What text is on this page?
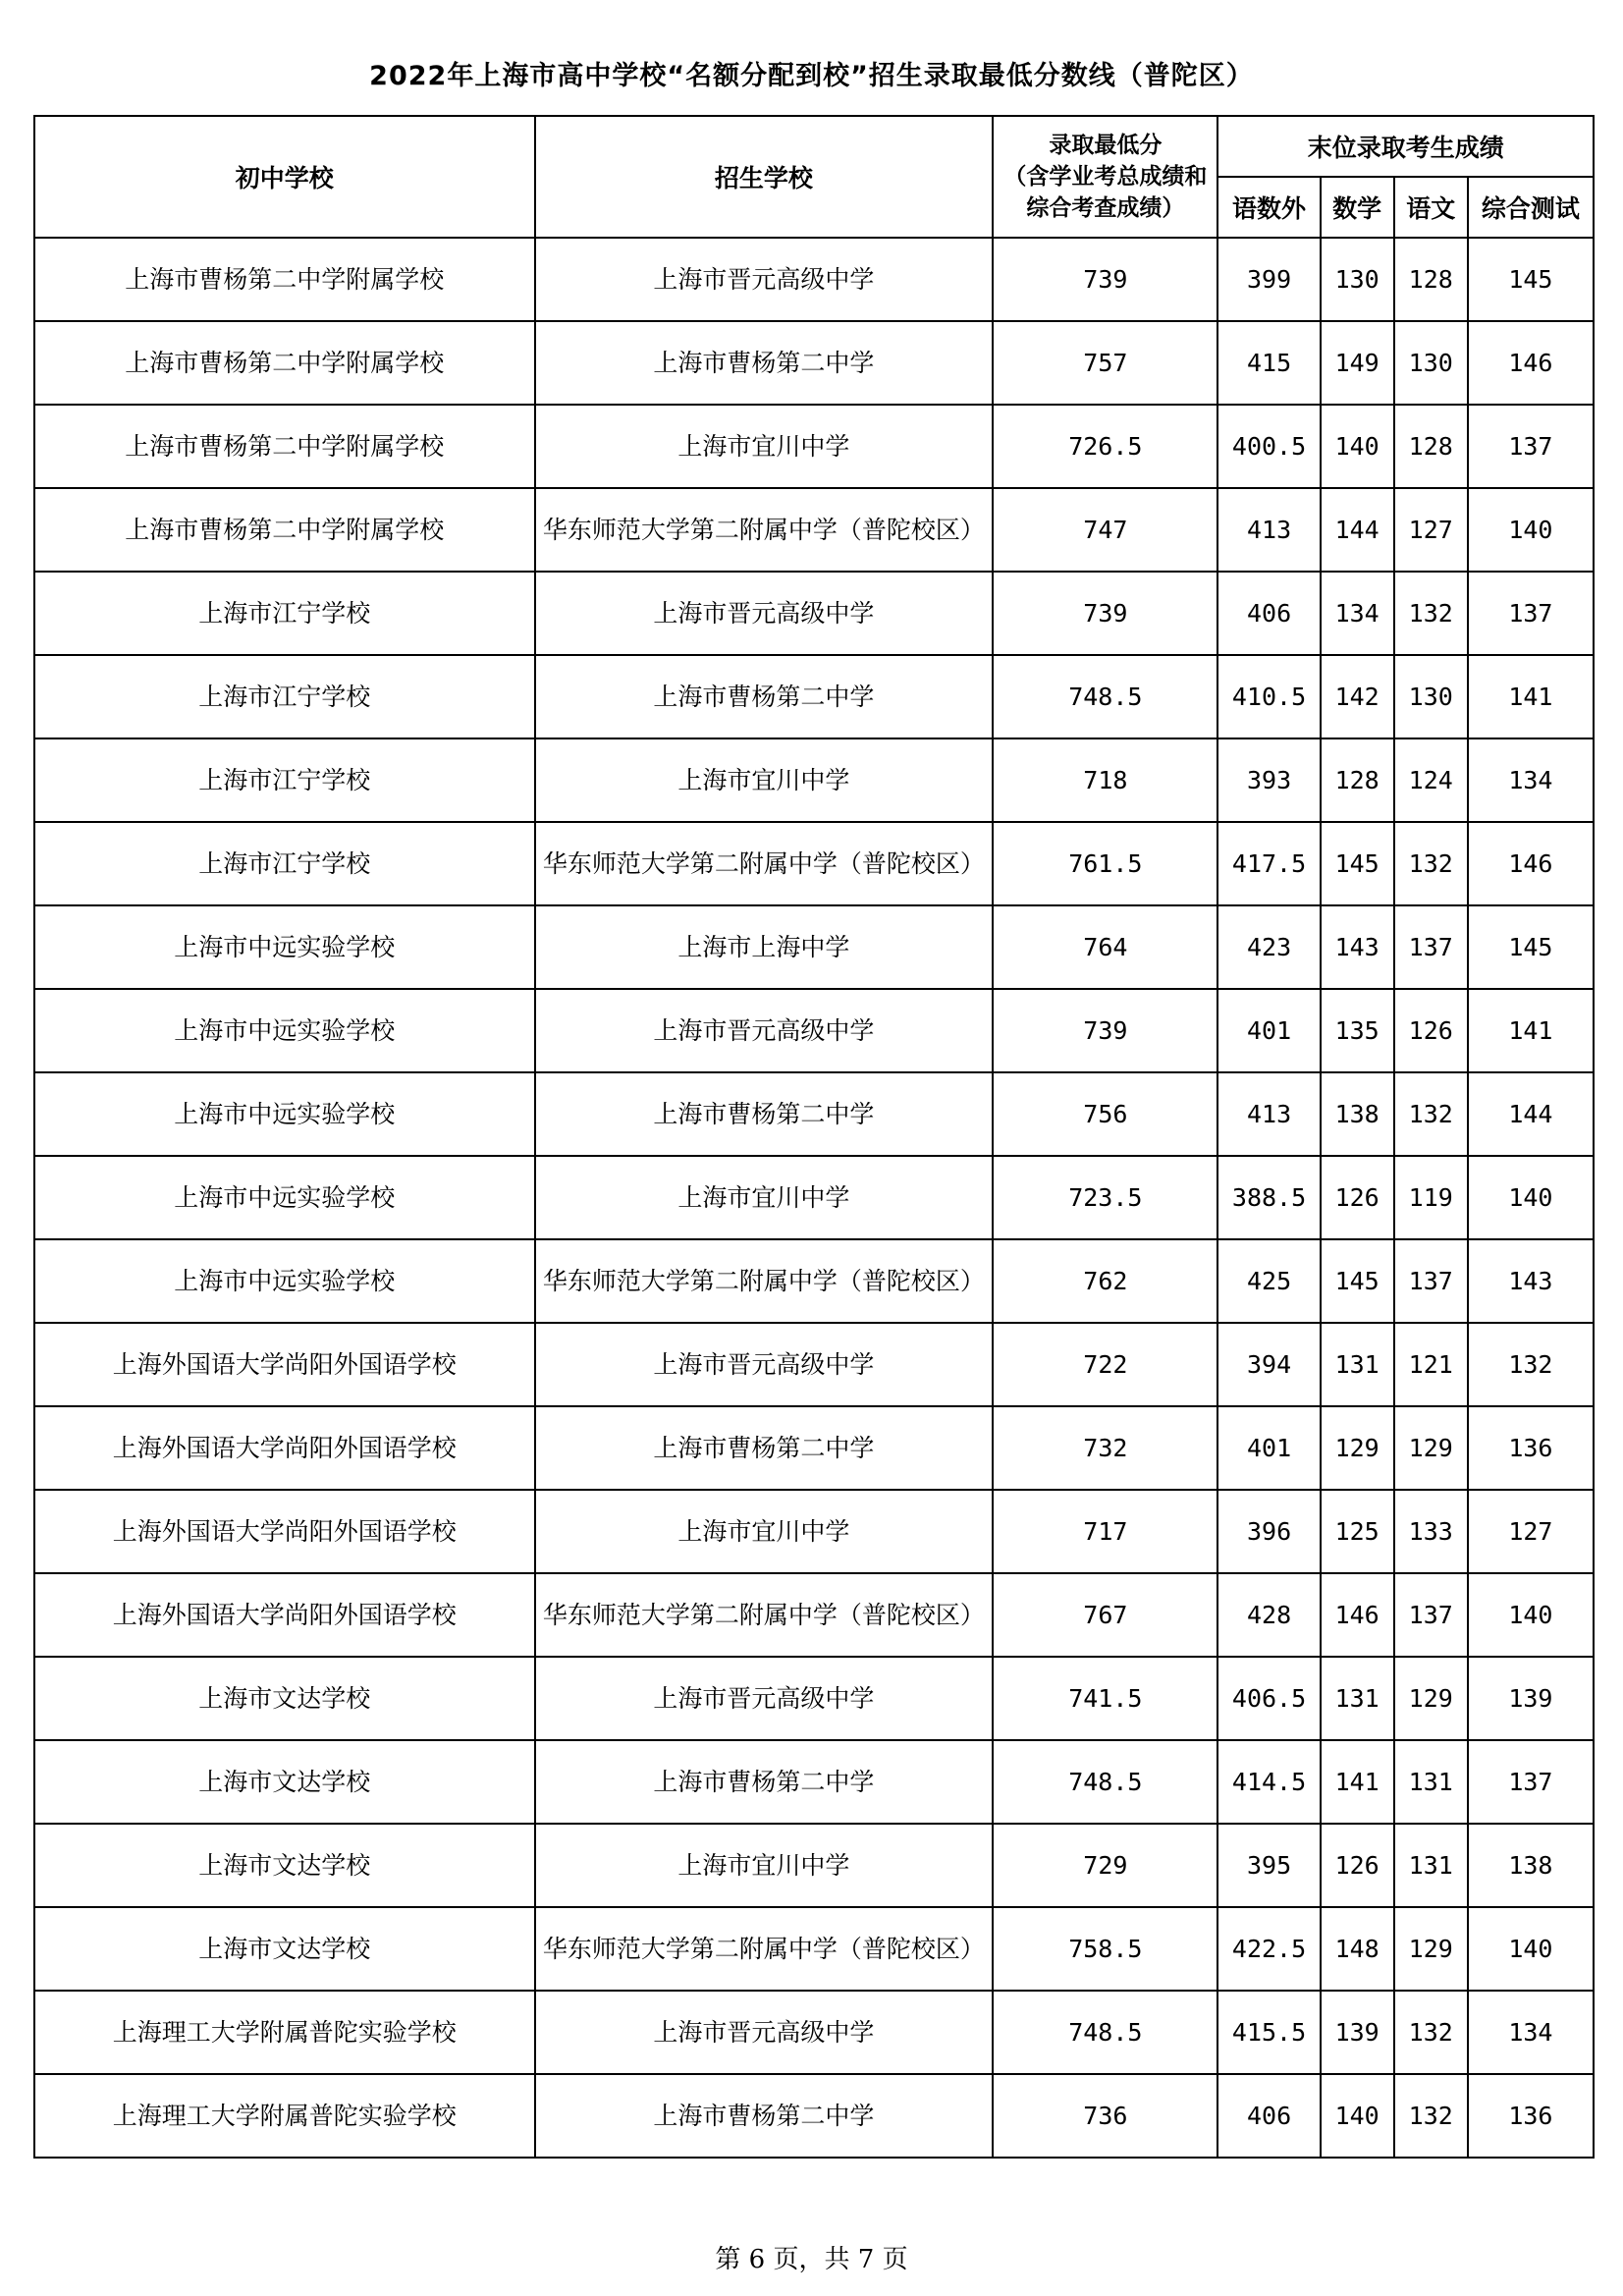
2022年上海市高中学校“名额分配到校”招生录取最低分数线（普陀区）
初中学校	招生学校	录取最低分
（含学业考总成绩和综合考查成绩）	末位录取考生成绩			
			语数外	数学	语文	综合测试
上海市曹杨第二中学附属学校	上海市晋元高级中学	739	399	130	128	145
上海市曹杨第二中学附属学校	上海市曹杨第二中学	757	415	149	130	146
上海市曹杨第二中学附属学校	上海市宜川中学	726.5	400.5	140	128	137
上海市曹杨第二中学附属学校	华东师范大学第二附属中学（普陀校区）	747	413	144	127	140
上海市江宁学校	上海市晋元高级中学	739	406	134	132	137
上海市江宁学校	上海市曹杨第二中学	748.5	410.5	142	130	141
上海市江宁学校	上海市宜川中学	718	393	128	124	134
上海市江宁学校	华东师范大学第二附属中学（普陀校区）	761.5	417.5	145	132	146
上海市中远实验学校	上海市上海中学	764	423	143	137	145
上海市中远实验学校	上海市晋元高级中学	739	401	135	126	141
上海市中远实验学校	上海市曹杨第二中学	756	413	138	132	144
上海市中远实验学校	上海市宜川中学	723.5	388.5	126	119	140
上海市中远实验学校	华东师范大学第二附属中学（普陀校区）	762	425	145	137	143
上海外国语大学尚阳外国语学校	上海市晋元高级中学	722	394	131	121	132
上海外国语大学尚阳外国语学校	上海市曹杨第二中学	732	401	129	129	136
上海外国语大学尚阳外国语学校	上海市宜川中学	717	396	125	133	127
上海外国语大学尚阳外国语学校	华东师范大学第二附属中学（普陀校区）	767	428	146	137	140
上海市文达学校	上海市晋元高级中学	741.5	406.5	131	129	139
上海市文达学校	上海市曹杨第二中学	748.5	414.5	141	131	137
上海市文达学校	上海市宜川中学	729	395	126	131	138
上海市文达学校	华东师范大学第二附属中学（普陀校区）	758.5	422.5	148	129	140
上海理工大学附属普陀实验学校	上海市晋元高级中学	748.5	415.5	139	132	134
上海理工大学附属普陀实验学校	上海市曹杨第二中学	736	406	140	132	136
第 6 页，共 7 页
